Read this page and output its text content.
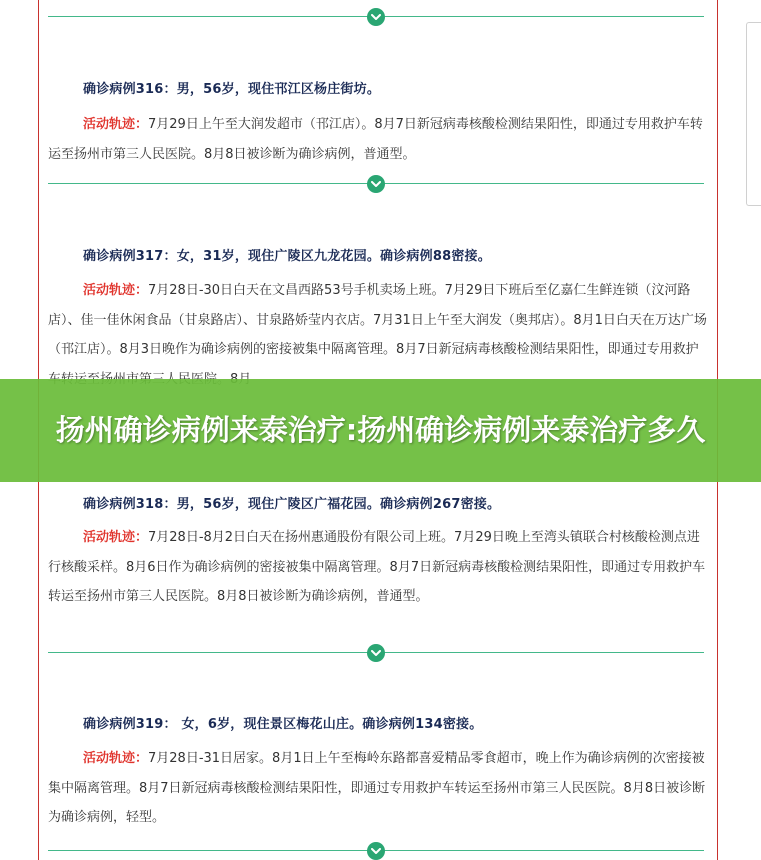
确诊病例316：男，56岁，现住邗江区杨庄街坊。
活动轨迹：7月29日上午至大润发超市（邗江店）。8月7日新冠病毒核酸检测结果阳性，即通过专用救护车转运至扬州市第三人民医院。8月8日被诊断为确诊病例，普通型。
确诊病例317：女，31岁，现住广陵区九龙花园。确诊病例88密接。
活动轨迹：7月28日-30日白天在文昌西路53号手机卖场上班。7月29日下班后至亿嘉仁生鲜连锁（汶河路店）、佳一佳休闲食品（甘泉路店）、甘泉路娇莹内衣店。7月31日上午至大润发（奥邦店）。8月1日白天在万达广场（邗江店）。8月3日晚作为确诊病例的密接被集中隔离管理。8月7日新冠病毒核酸检测结果阳性，即通过专用救护
确诊病例318：男，56岁，现住广陵区广福花园。确诊病例267密接。
活动轨迹：7月28日-8月2日白天在扬州惠通股份有限公司上班。7月29日晚上至湾头镇联合村核酸检测点进行核酸采样。8月6日作为确诊病例的密接被集中隔离管理。8月7日新冠病毒核酸检测结果阳性，即通过专用救护车转运至扬州市第三人民医院。8月8日被诊断为确诊病例，普通型。
确诊病例319： 女，6岁，现住景区梅花山庄。确诊病例134密接。
活动轨迹：7月28日-31日居家。8月1日上午至梅岭东路都喜爱精品零食超市，晚上作为确诊病例的次密接被集中隔离管理。8月7日新冠病毒核酸检测结果阳性，即通过专用救护车转运至扬州市第三人民医院。8月8日被诊断为确诊病例，轻型。
扬州确诊病例来泰治疗:扬州确诊病例来泰治疗多久
